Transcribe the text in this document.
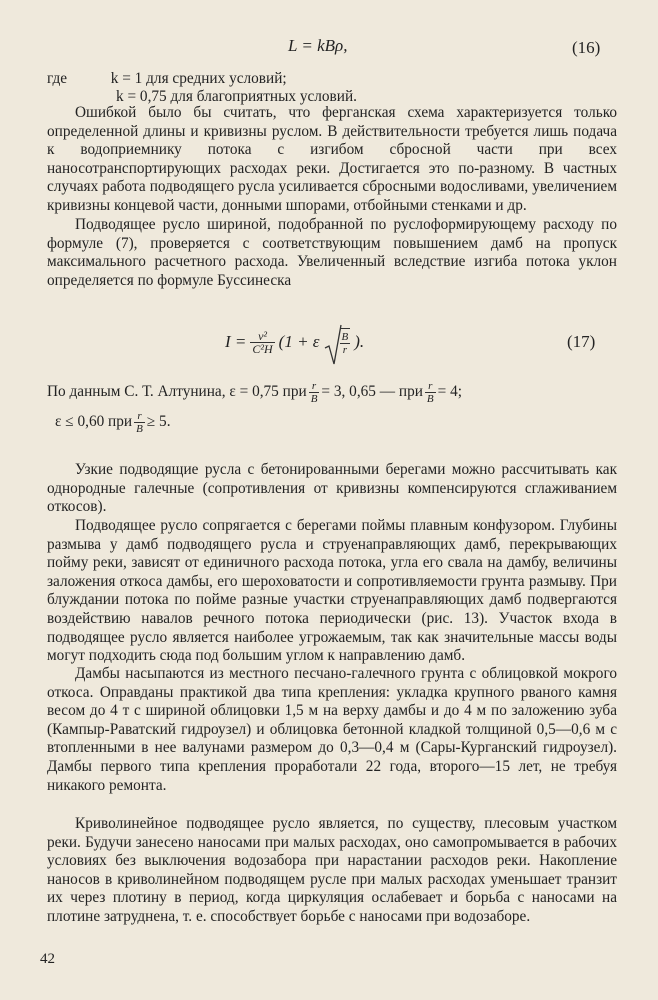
L = kBρ,	(16)
где	k = 1 для средних условий;
k = 0,75 для благоприятных условий.
Ошибкой было бы считать, что ферганская схема характеризуется только определенной длины и кривизны руслом. В действительности требуется лишь подача к водоприемнику потока с изгибом сбросной части при всех наносотранспортирующих расходах реки. Достигается это по-разному. В частных случаях работа подводящего русла усиливается сбросными водосливами, увеличением кривизны концевой части, донными шпорами, отбойными стенками и др.
Подводящее русло шириной, подобранной по руслоформирующему расходу по формуле (7), проверяется с соответствующим повышением дамб на пропуск максимального расчетного расхода. Увеличенный вследствие изгиба потока уклон определяется по формуле Буссинеска
$I = \frac{\text{v²}}{\text{C²H}} (1 + \varepsilon \frac{B}{r}$ ).	(17)
По данным С. Т. Алтунина, ε = 0,75 при $\frac{r}{B} = 3$, 0,65 — при $\frac{r}{B} = 4$;
ε ≤ 0,60 при $\frac{r}{B} \ge 5$.
Узкие подводящие русла с бетонированными берегами можно рассчитывать как однородные галечные (сопротивления от кривизны компенсируются сглаживанием откосов).
Подводящее русло сопрягается с берегами поймы плавным конфузором. Глубины размыва у дамб подводящего русла и струенаправляющих дамб, перекрывающих пойму реки, зависят от единичного расхода потока, угла его свала на дамбу, величины заложения откоса дамбы, его шероховатости и сопротивляемости грунта размыву. При блуждании потока по пойме разные участки струенаправляющих дамб подвергаются воздействию навалов речного потока периодически (рис. 13). Участок входа в подводящее русло является наиболее угрожаемым, так как значительные массы воды могут подходить сюда под большим углом к направлению дамб.
Дамбы насыпаются из местного песчано-галечного грунта с облицовкой мокрого откоса. Оправданы практикой два типа крепления: укладка крупного рваного камня весом до 4 т с шириной облицовки 1,5 м на верху дамбы и до 4 м по заложению зуба (Кампыр-Раватский гидроузел) и облицовка бетонной кладкой толщиной 0,5—0,6 м с втопленными в нее валунами размером до 0,3—0,4 м (Сары-Курганский гидроузел). Дамбы первого типа крепления проработали 22 года, второго—15 лет, не требуя никакого ремонта.
Криволинейное подводящее русло является, по существу, плесовым участком реки. Будучи занесено наносами при малых расходах, оно самопромывается в рабочих условиях без выключения водозабора при нарастании расходов реки. Накопление наносов в криволинейном подводящем русле при малых расходах уменьшает транзит их через плотину в период, когда циркуляция ослабевает и борьба с наносами на плотине затруднена, т. е. способствует борьбе с наносами при водозаборе.
42
